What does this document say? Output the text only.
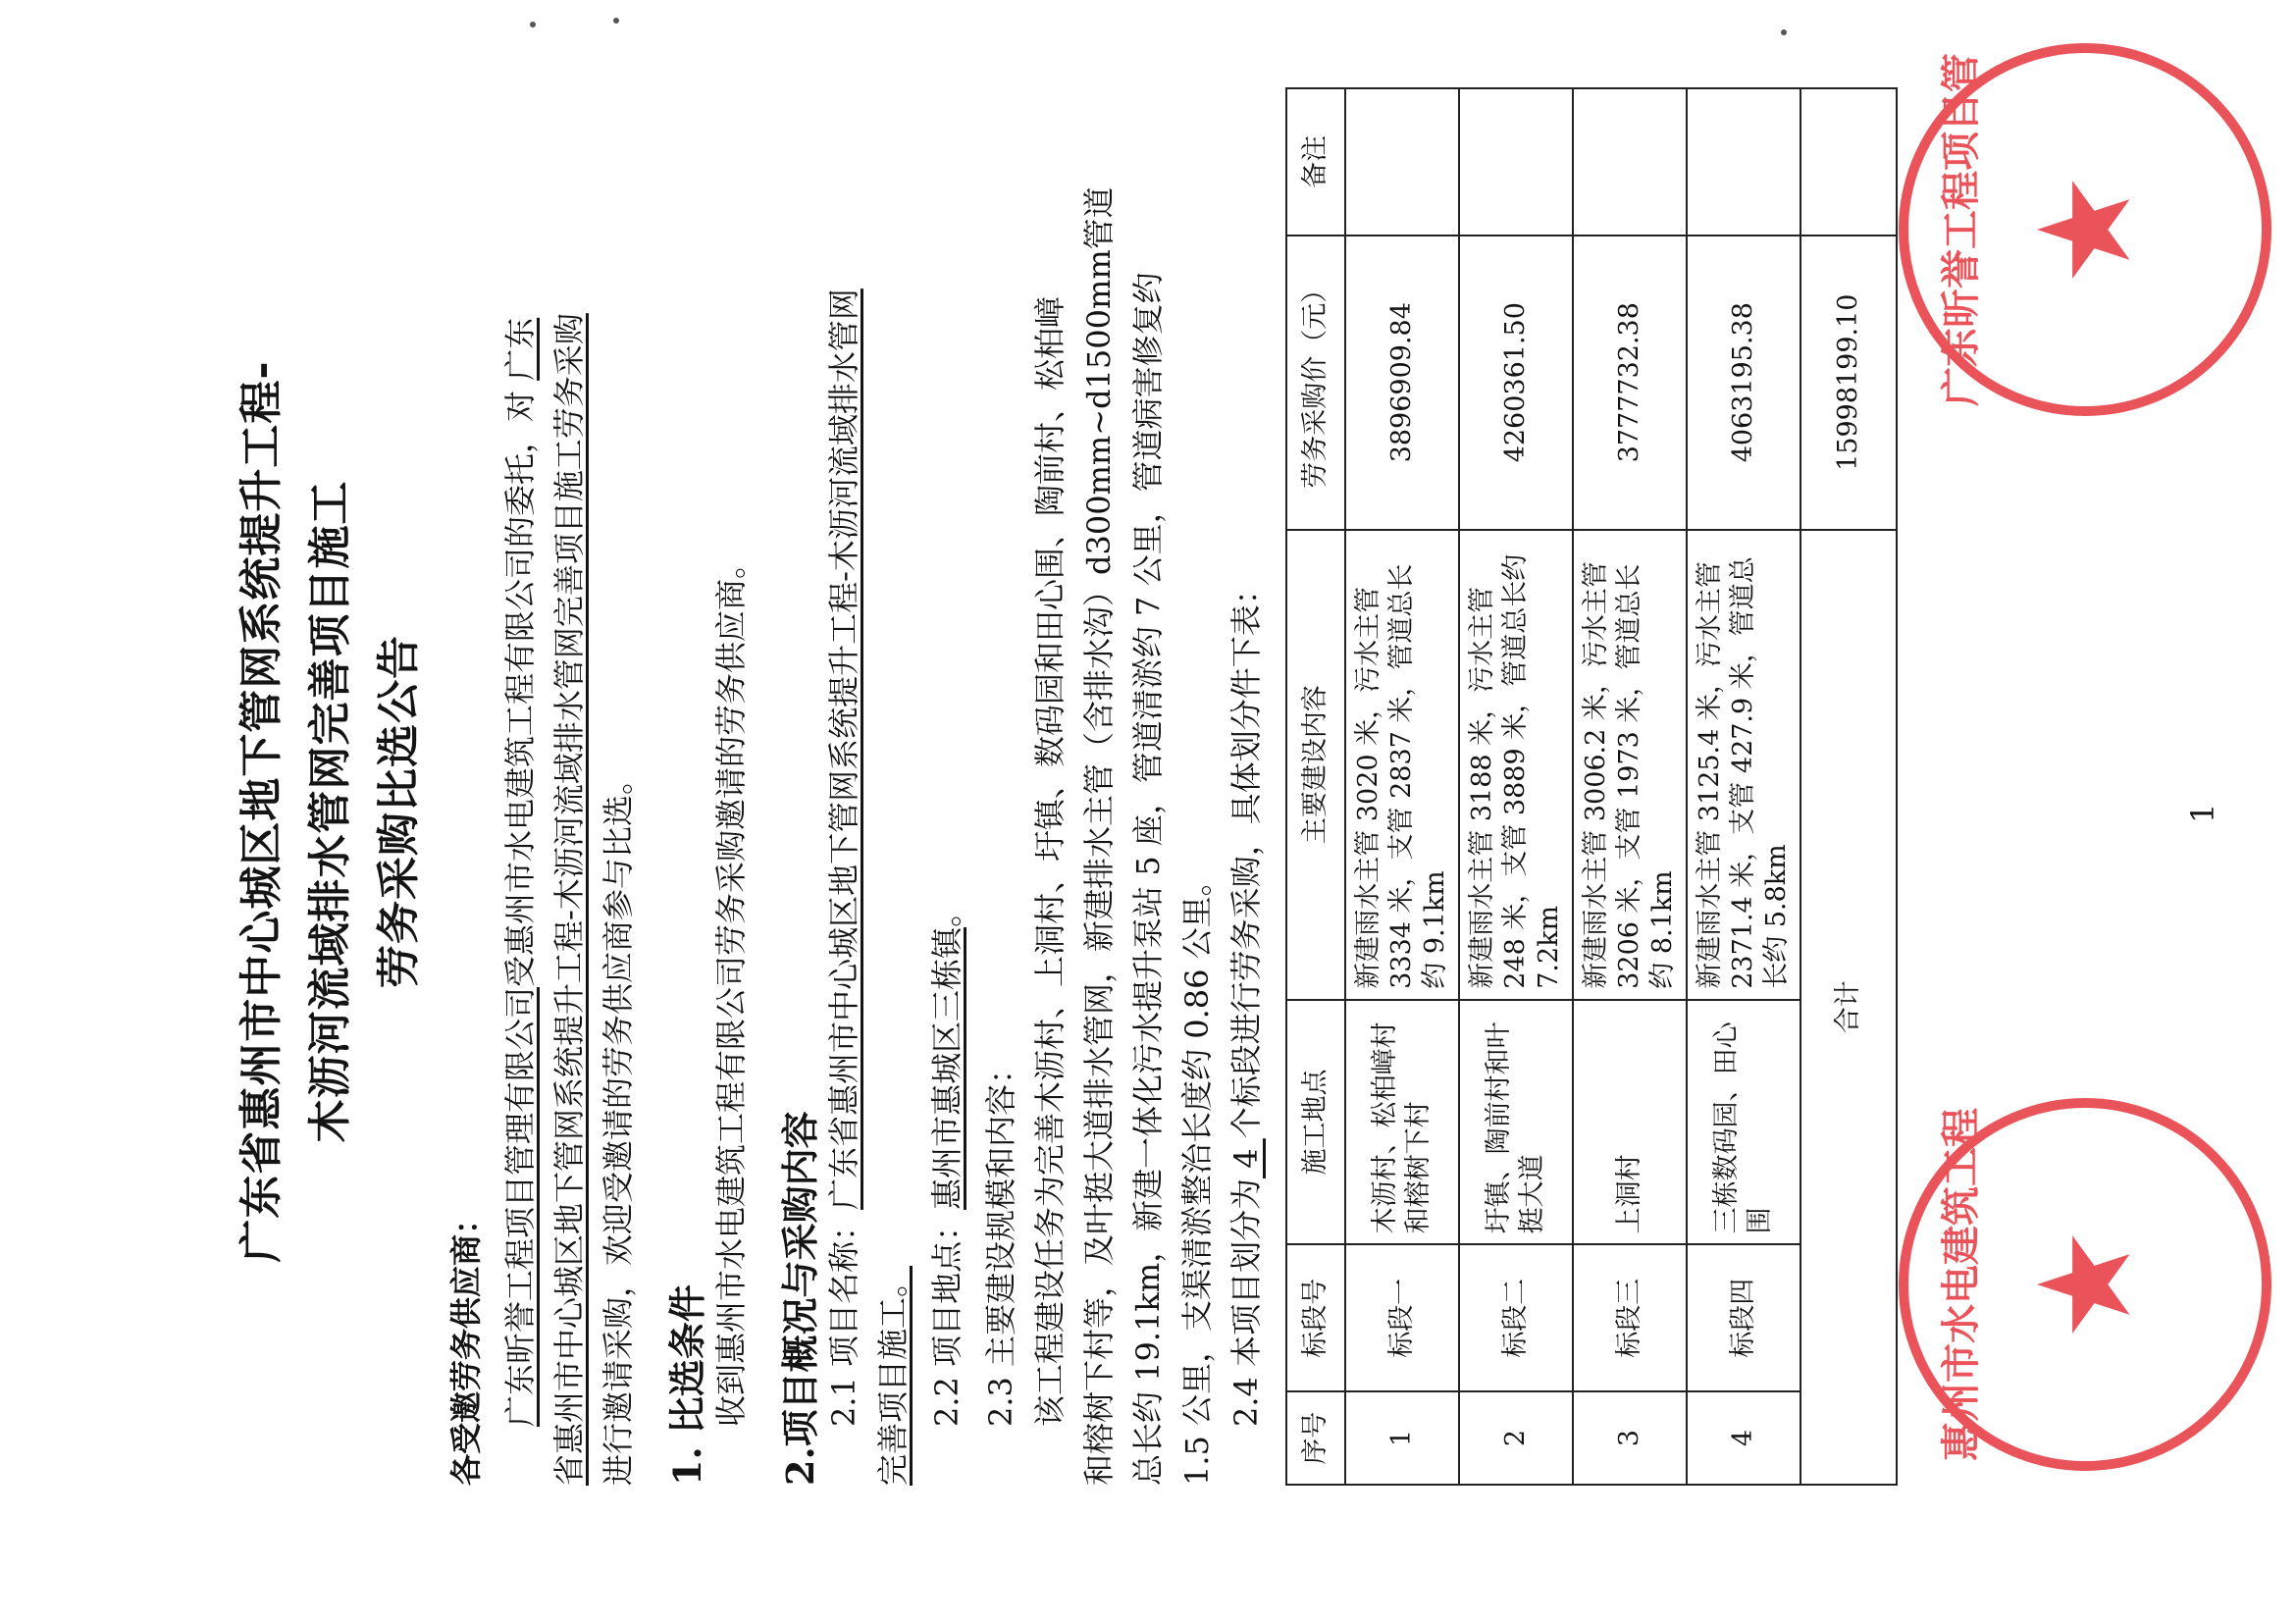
广东省惠州市中心城区地下管网系统提升工程- 木沥河流域排水管网完善项目施工 劳务采购比选公告
各受邀劳务供应商： 广东昕誉工程项目管理有限公司受惠州市水电建筑工程有限公司的委托，对 广东 省惠州市中心城区地下管网系统提升工程-木沥河流域排水管网完善项目施工劳务采购 进行邀请采购，欢迎受邀请的劳务供应商参与比选。 1. 比选条件 收到惠州市水电建筑工程有限公司劳务采购邀请的劳务供应商。 2.项目概况与采购内容 2.1 项目名称：广东省惠州市中心城区地下管网系统提升工程-木沥河流域排水管网
完善项目施工。 2.2 项目地点：惠州市惠城区三栋镇。
2.3 主要建设规模和内容： 该工程建设任务为完善木沥村、上洞村、圩镇、数码园和田心围、陶前村、松柏嶂 和榕树下村等，及叶挺大道排水管网，新建排水主管（含排水沟）d300mm~d1500mm管道 总长约 19.1km，新建一体化污水提升泵站 5 座，管道清淤约 7 公里，管道病害修复约 1.5 公里，支渠清淤整治长度约 0.86 公里。 2.4 本项目划分为 4 个标段进行劳务采购，具体划分件下表：
序号	标段号	施工地点	主要建设内容	劳务采购价（元）	备注
1	标段一	木沥村、松柏嶂村和榕树下村	新建雨水主管 3020 米，污水主管 3334 米，支管 2837 米，管道总长约 9.1km	3896909.84	
2	标段二	圩镇、陶前村和叶挺大道	新建雨水主管 3188 米，污水主管 248 米，支管 3889 米，管道总长约 7.2km	4260361.50	
3	标段三	上洞村	新建雨水主管 3006.2 米，污水主管 3206 米，支管 1973 米，管道总长约 8.1km	3777732.38	
4	标段四	三栋数码园、田心围	新建雨水主管 3125.4 米，污水主管 2371.4 米，支管 427.9 米，管道总长约 5.8km	4063195.38	
合计				15998199.10	
1
广东昕誉工程项目管 ★
惠州市水电建筑工程 ★
